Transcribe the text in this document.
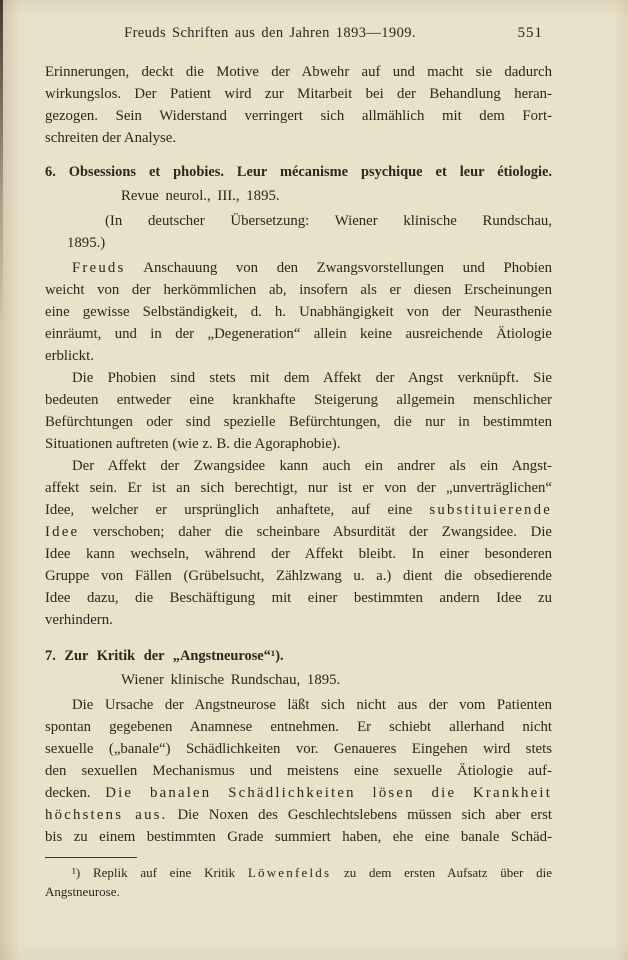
Freuds Schriften aus den Jahren 1893—1909.	551
Erinnerungen, deckt die Motive der Abwehr auf und macht sie dadurch
wirkungslos. Der Patient wird zur Mitarbeit bei der Behandlung heran-
gezogen. Sein Widerstand verringert sich allmählich mit dem Fort-
schreiten der Analyse.
6. Obsessions et phobies. Leur mécanisme psychique et leur étiologie.
Revue neurol., III., 1895.
(In deutscher Übersetzung: Wiener klinische Rundschau,
1895.)
Freuds Anschauung von den Zwangsvorstellungen und Phobien
weicht von der herkömmlichen ab, insofern als er diesen Erscheinungen
eine gewisse Selbständigkeit, d. h. Unabhängigkeit von der Neurasthenie
einräumt, und in der „Degeneration“ allein keine ausreichende Ätiologie
erblickt.
Die Phobien sind stets mit dem Affekt der Angst verknüpft. Sie
bedeuten entweder eine krankhafte Steigerung allgemein menschlicher
Befürchtungen oder sind spezielle Befürchtungen, die nur in bestimmten
Situationen auftreten (wie z. B. die Agoraphobie).
Der Affekt der Zwangsidee kann auch ein andrer als ein Angst-
affekt sein. Er ist an sich berechtigt, nur ist er von der „unverträglichen“
Idee, welcher er ursprünglich anhaftete, auf eine substituierende
Idee verschoben; daher die scheinbare Absurdität der Zwangsidee. Die
Idee kann wechseln, während der Affekt bleibt. In einer besonderen
Gruppe von Fällen (Grübelsucht, Zählzwang u. a.) dient die obsedierende
Idee dazu, die Beschäftigung mit einer bestimmten andern Idee zu
verhindern.
7. Zur Kritik der „Angstneurose“¹).
Wiener klinische Rundschau, 1895.
Die Ursache der Angstneurose läßt sich nicht aus der vom Patienten
spontan gegebenen Anamnese entnehmen. Er schiebt allerhand nicht
sexuelle („banale“) Schädlichkeiten vor. Genaueres Eingehen wird stets
den sexuellen Mechanismus und meistens eine sexuelle Ätiologie auf-
decken. Die banalen Schädlichkeiten lösen die Krankheit
höchstens aus. Die Noxen des Geschlechtslebens müssen sich aber erst
bis zu einem bestimmten Grade summiert haben, ehe eine banale Schäd-
¹) Replik auf eine Kritik Löwenfelds zu dem ersten Aufsatz über die
Angstneurose.
